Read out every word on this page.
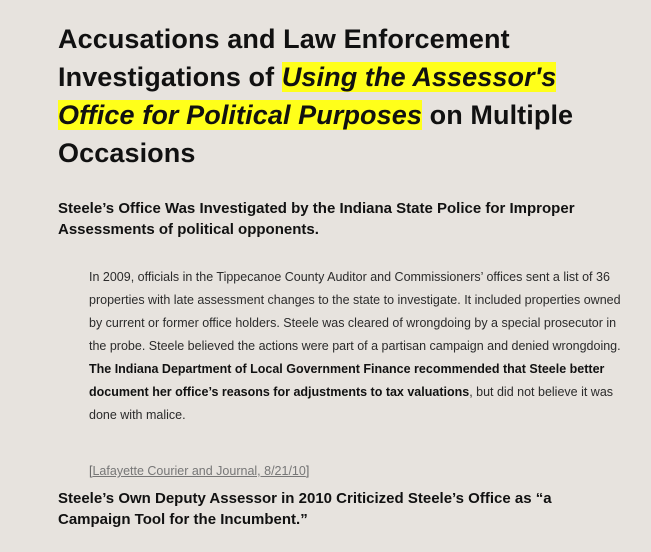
Accusations and Law Enforcement Investigations of Using the Assessor's Office for Political Purposes on Multiple Occasions
Steele’s Office Was Investigated by the Indiana State Police for Improper Assessments of political opponents.

In 2009, officials in the Tippecanoe County Auditor and Commissioners’ offices sent a list of 36 properties with late assessment changes to the state to investigate. It included properties owned by current or former office holders. Steele was cleared of wrongdoing by a special prosecutor in the probe. Steele believed the actions were part of a partisan campaign and denied wrongdoing. The Indiana Department of Local Government Finance recommended that Steele better document her office’s reasons for adjustments to tax valuations, but did not believe it was done with malice.

[Lafayette Courier and Journal, 8/21/10]
Steele’s Own Deputy Assessor in 2010 Criticized Steele’s Office as “a Campaign Tool for the Incumbent.”
